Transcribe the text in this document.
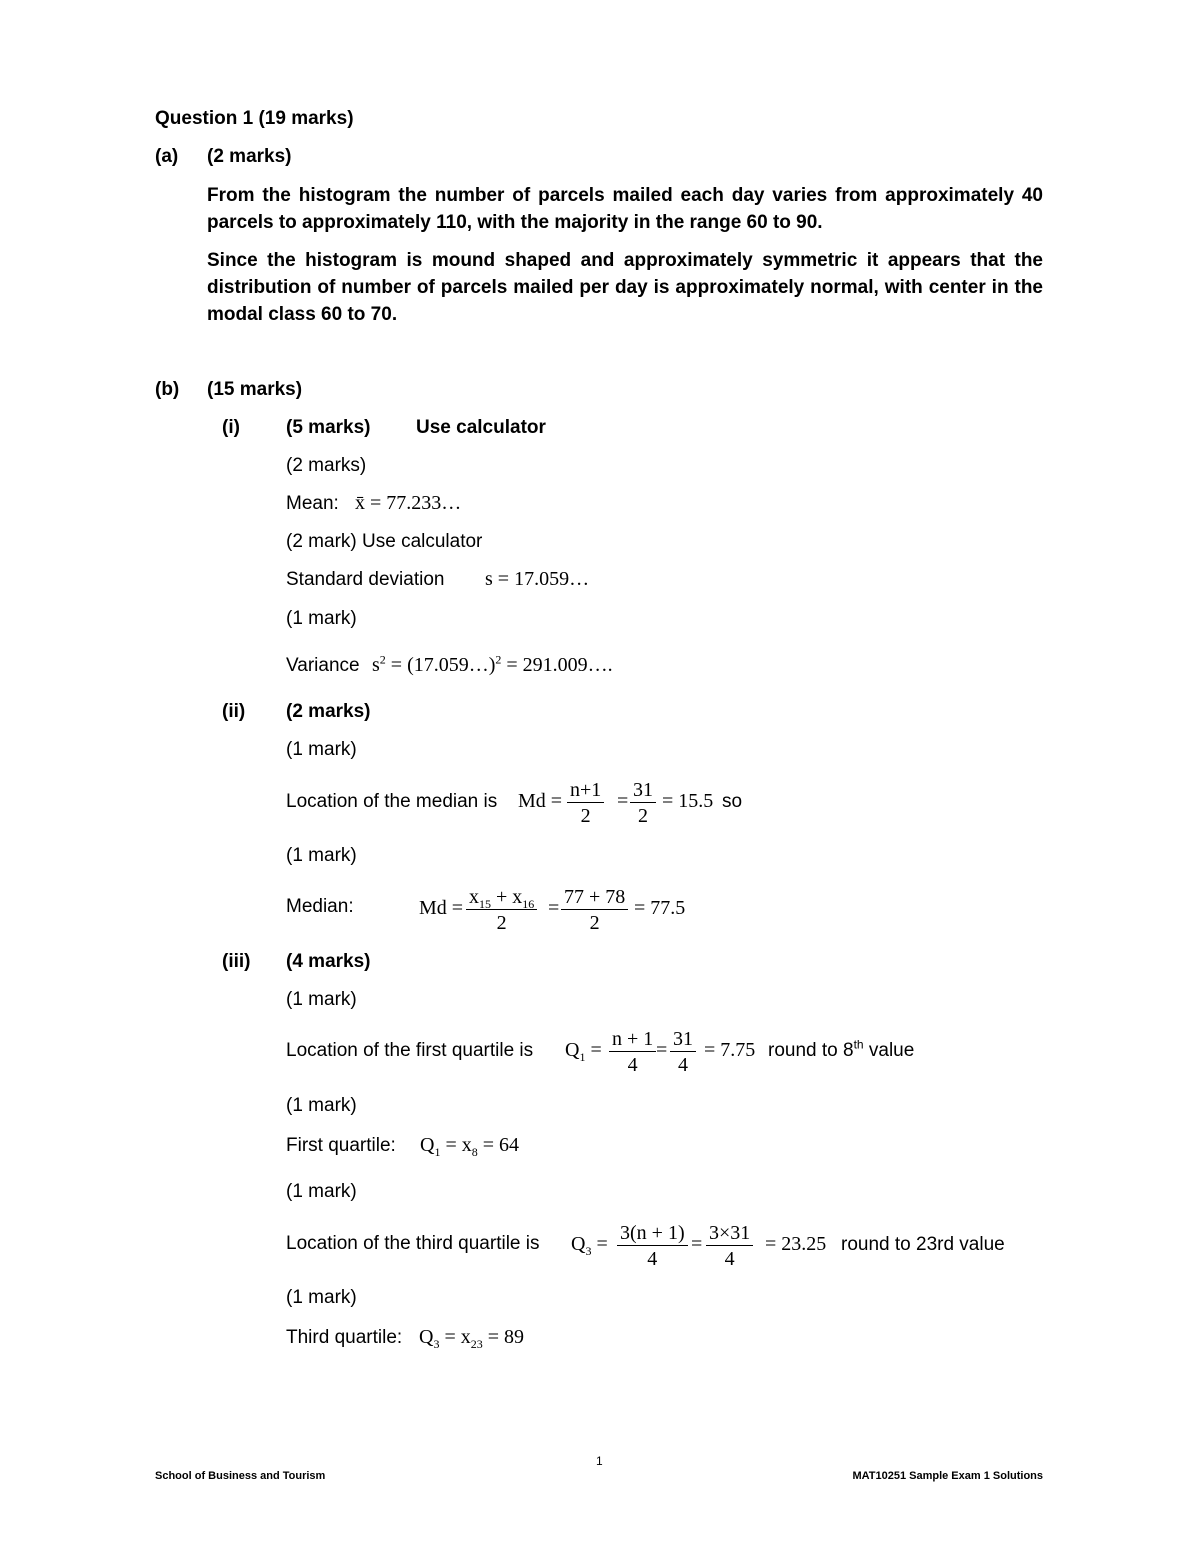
Question 1 (19 marks)
(a) (2 marks)
From the histogram the number of parcels mailed each day varies from approximately 40 parcels to approximately 110, with the majority in the range 60 to 90.
Since the histogram is mound shaped and approximately symmetric it appears that the distribution of number of parcels mailed per day is approximately normal, with center in the modal class 60 to 70.
(b) (15 marks)
(i) (5 marks) Use calculator
(2 marks)
Mean: x̄ = 77.233…
(2 mark) Use calculator
Standard deviation s = 17.059…
(1 mark)
Variance $s^2$ = (17.059…)$^2$ = 291.009….
(ii) (2 marks)
(1 mark)
Location of the median is $Md = \frac{n+1}{2} = \frac{31}{2} = 15.5$ so
(1 mark)
Median:	$Md = \frac{x_{15} + x_{16}}{2} = \frac{77 + 78}{2} = 77.5$
(iii) (4 marks)
(1 mark)
Location of the first quartile is $Q_1 = \frac{n + 1}{4} = \frac{31}{4} = 7.75$ round to 8th value
(1 mark)
First quartile: $Q_1 = x_8 = 64$
(1 mark)
Location of the third quartile is $Q_3 = \frac{3(n + 1)}{4} = \frac{3\times 31}{4} = 23.25$ round to 23rd value
(1 mark)
Third quartile: $Q_3 = x_{23} = 89$
1
School of Business and Tourism	MAT10251 Sample Exam 1 Solutions
